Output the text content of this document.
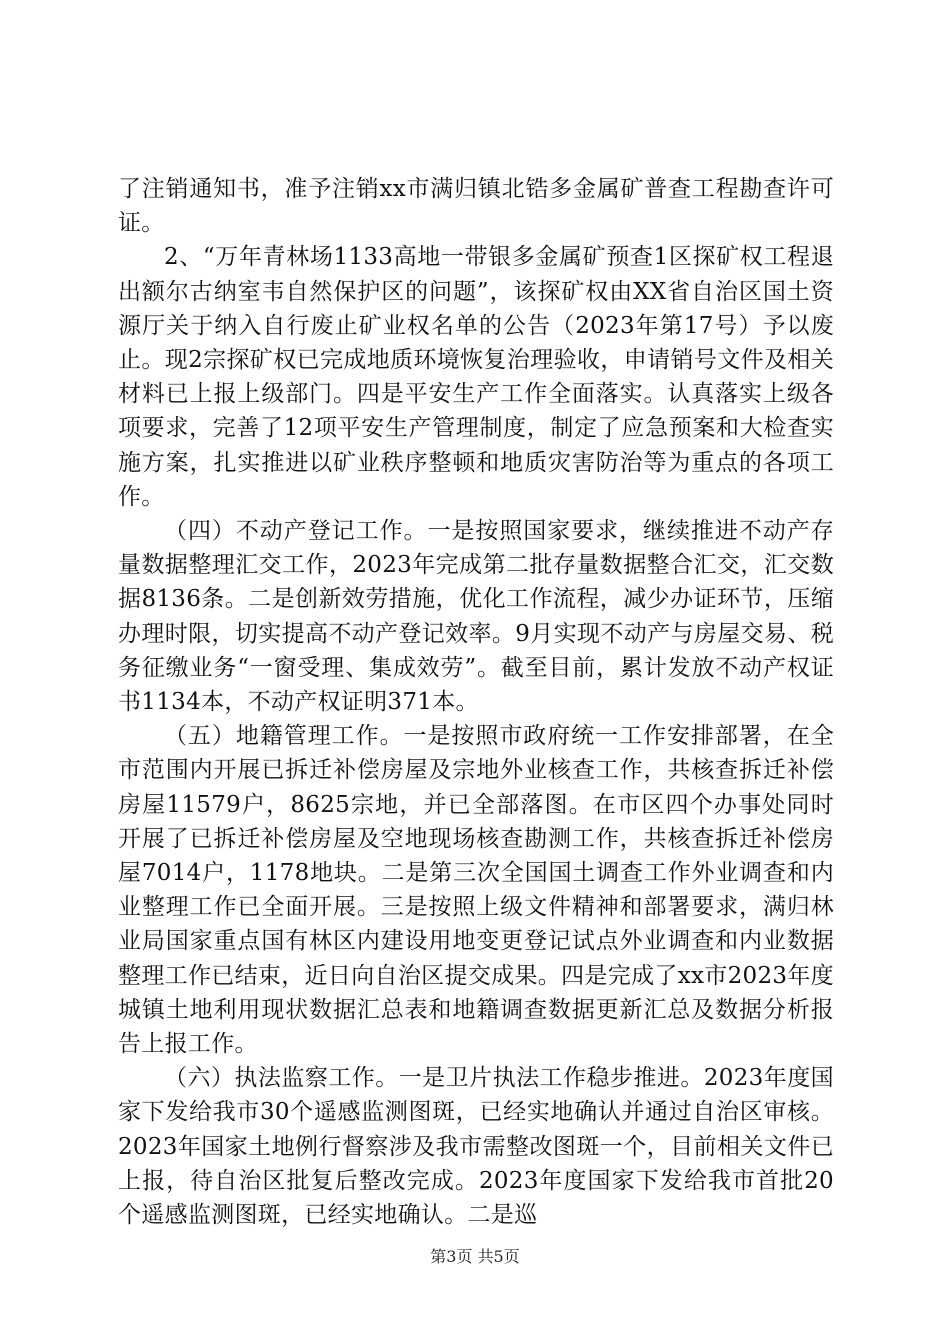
了注销通知书，准予注销xx市满归镇北锆多金属矿普查工程勘查许可证。

2、“万年青林场1133高地一带银多金属矿预查1区探矿权工程退出额尔古纳室韦自然保护区的问题”，该探矿权由XX省自治区国土资源厅关于纳入自行废止矿业权名单的公告（2023年第17号）予以废止。现2宗探矿权已完成地质环境恢复治理验收，申请销号文件及相关材料已上报上级部门。四是平安生产工作全面落实。认真落实上级各项要求，完善了12项平安生产管理制度，制定了应急预案和大检查实施方案，扎实推进以矿业秩序整顿和地质灾害防治等为重点的各项工作。

（四）不动产登记工作。一是按照国家要求，继续推进不动产存量数据整理汇交工作，2023年完成第二批存量数据整合汇交，汇交数据8136条。二是创新效劳措施，优化工作流程，减少办证环节，压缩办理时限，切实提高不动产登记效率。9月实现不动产与房屋交易、税务征缴业务“一窗受理、集成效劳”。截至目前，累计发放不动产权证书1134本，不动产权证明371本。

（五）地籍管理工作。一是按照市政府统一工作安排部署，在全市范围内开展已拆迁补偿房屋及宗地外业核查工作，共核查拆迁补偿房屋11579户，8625宗地，并已全部落图。在市区四个办事处同时开展了已拆迁补偿房屋及空地现场核查勘测工作，共核查拆迁补偿房屋7014户，1178地块。二是第三次全国国土调查工作外业调查和内业整理工作已全面开展。三是按照上级文件精神和部署要求，满归林业局国家重点国有林区内建设用地变更登记试点外业调查和内业数据整理工作已结束，近日向自治区提交成果。四是完成了xx市2023年度城镇土地利用现状数据汇总表和地籍调查数据更新汇总及数据分析报告上报工作。

（六）执法监察工作。一是卫片执法工作稳步推进。2023年度国家下发给我市30个遥感监测图斑，已经实地确认并通过自治区审核。2023年国家土地例行督察涉及我市需整改图斑一个，目前相关文件已上报，待自治区批复后整改完成。2023年度国家下发给我市首批20个遥感监测图斑，已经实地确认。二是巡

第3页 共5页
